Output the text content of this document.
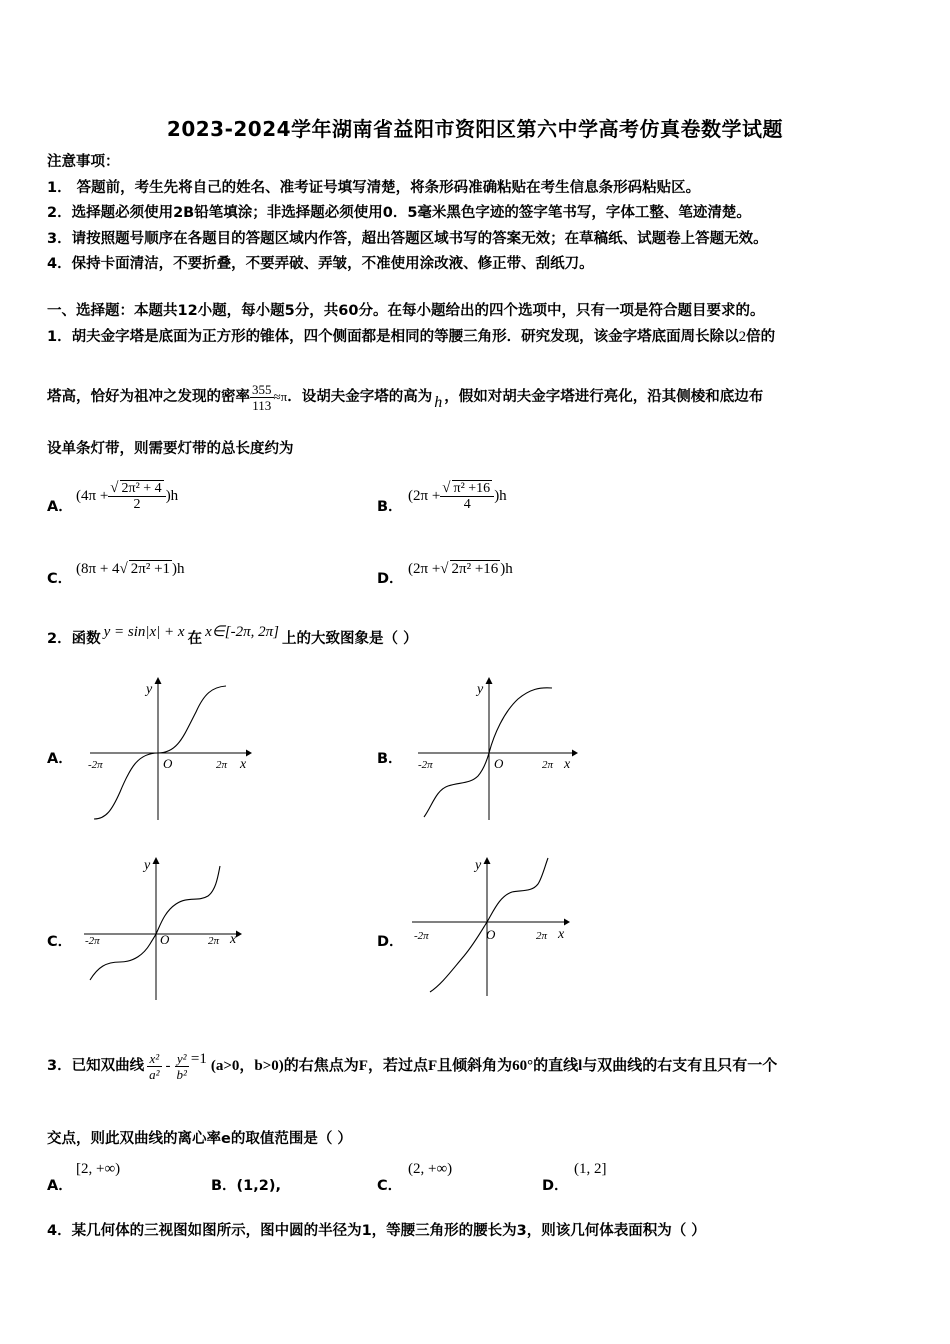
2023-2024学年湖南省益阳市资阳区第六中学高考仿真卷数学试题
注意事项：
1． 答题前，考生先将自己的姓名、准考证号填写清楚，将条形码准确粘贴在考生信息条形码粘贴区。
2．选择题必须使用2B铅笔填涂；非选择题必须使用0．5毫米黑色字迹的签字笔书写，字体工整、笔迹清楚。
3．请按照题号顺序在各题目的答题区域内作答，超出答题区域书写的答案无效；在草稿纸、试题卷上答题无效。
4．保持卡面清洁，不要折叠，不要弄破、弄皱，不准使用涂改液、修正带、刮纸刀。
一、选择题：本题共12小题，每小题5分，共60分。在每小题给出的四个选项中，只有一项是符合题目要求的。
1．胡夫金字塔是底面为正方形的锥体，四个侧面都是相同的等腰三角形．研究发现，该金字塔底面周长除以2倍的
塔高，恰好为祖冲之发现的密率 $\frac{355}{113} \approx\pi$ ．设胡夫金字塔的高为 h ，假如对胡夫金字塔进行亮化，沿其侧棱和底边布
设单条灯带，则需要灯带的总长度约为
A．
$(4\pi + \frac{\text{√ 2π² + 4}}{2} )h$
B．
$(2\pi + \frac{\text{√ π² +16}}{4} )h$
C．
(8π + 4√ 2π² +1 )h
D．
(2π +√ 2π² +16 )h
2．函数 y = sin|x| + x 在 x∈[-2π, 2π] 上的大致图象是（ ）
A．	B．
C．	D．
y
x
O
-2π	2π
y
x
O
-2π	2π
y
x
O
-2π	2π
y
x
O
-2π	2π
3．已知双曲线 $\frac{\text{x²}}{\text{a²}} - \frac{\text{y²}}{\text{b²}} =1$ (a>0，b>0)的右焦点为F，若过点F且倾斜角为60°的直线l与双曲线的右支有且只有一个
交点，则此双曲线的离心率e的取值范围是（ ）
A．
[2, +∞)
B．(1,2),	C．
(2, +∞)
D．
(1, 2]
4．某几何体的三视图如图所示，图中圆的半径为1，等腰三角形的腰长为3，则该几何体表面积为（ ）
